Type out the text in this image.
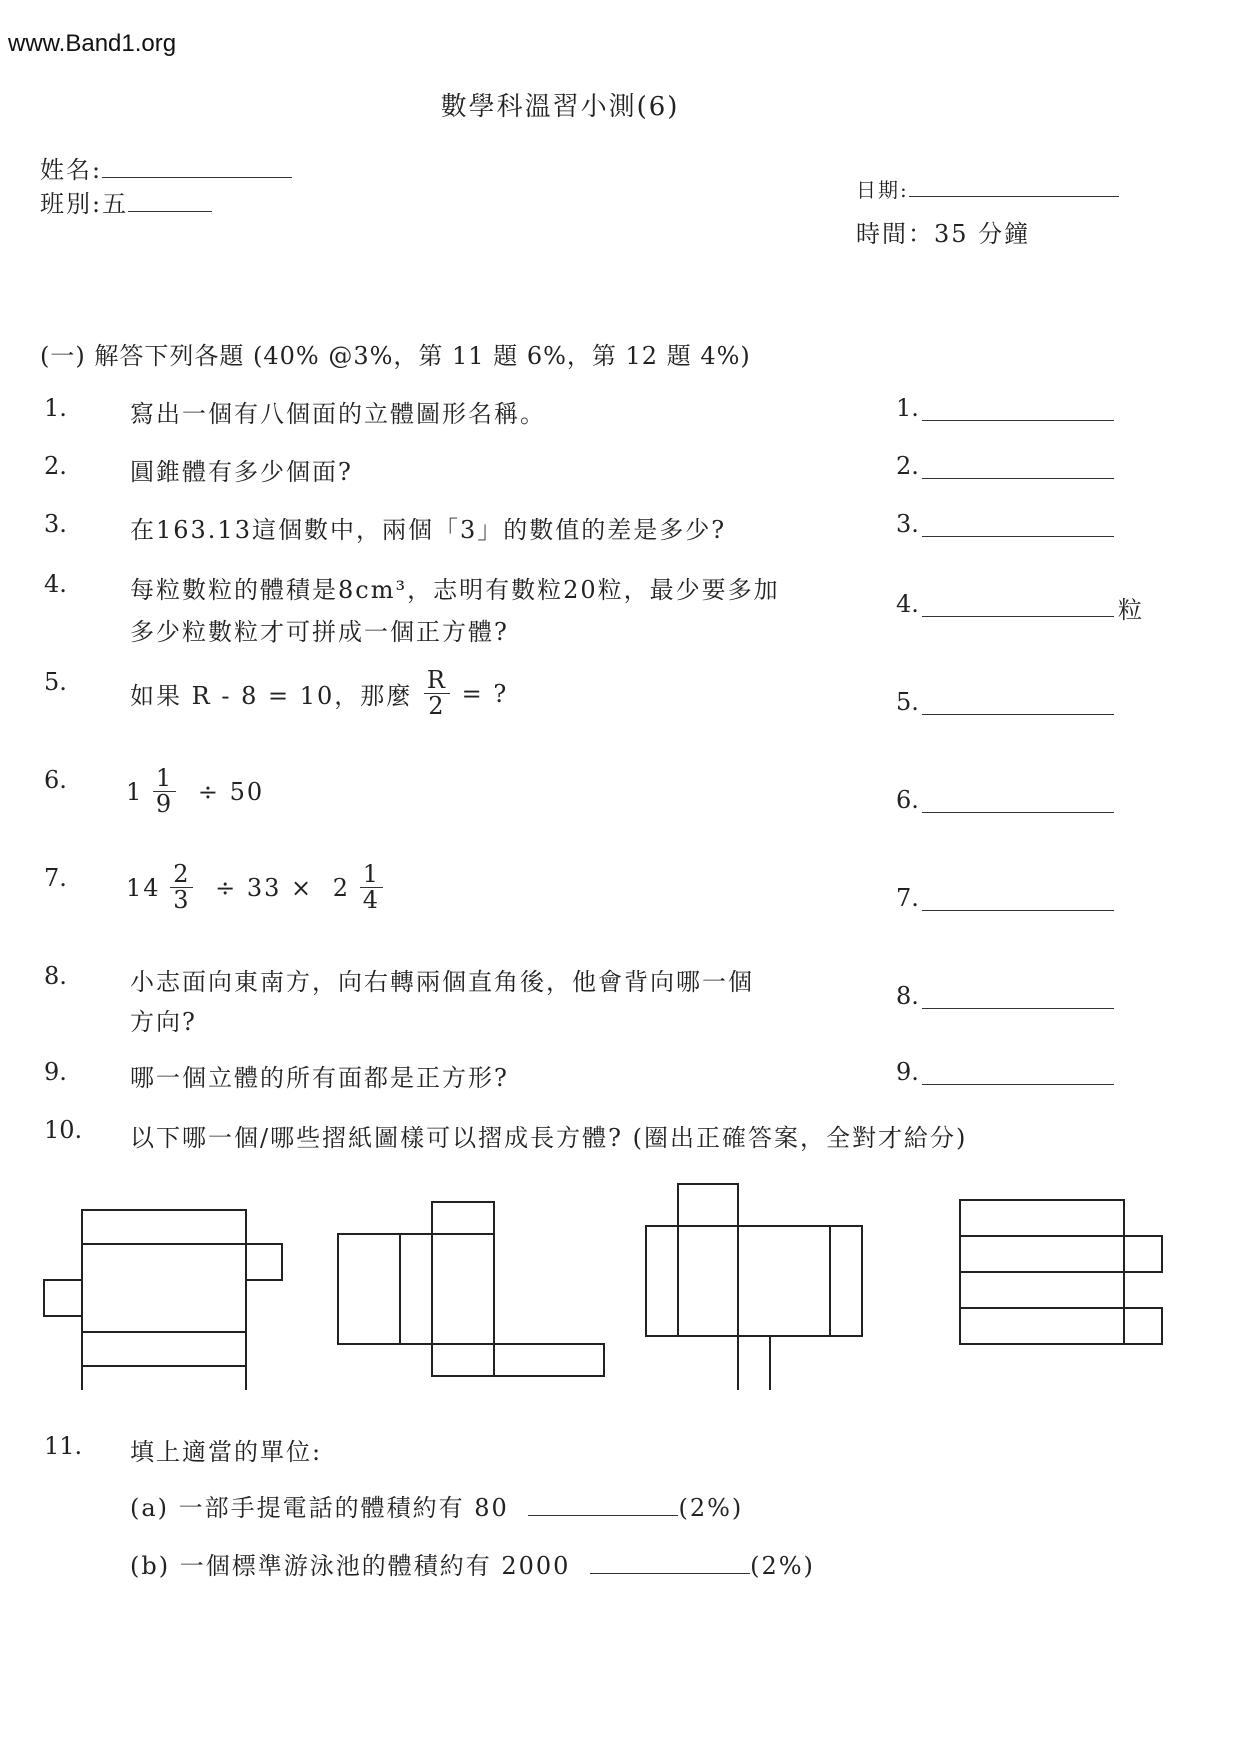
www.Band1.org
數學科溫習小測(6)
姓名:
班別:五	日期:
時間：35 分鐘
(一) 解答下列各題 (40% @3%，第 11 題 6%，第 12 題 4%)
1.	寫出一個有八個面的立體圖形名稱。	1.
2.	圓錐體有多少個面?	2.
3.	在163.13這個數中，兩個「3」的數值的差是多少?	3.
4.	每粒數粒的體積是8cm³，志明有數粒20粒，最少要多加
多少粒數粒才可拼成一個正方體?
4.	粒
5.
如果 R - 8 = 10，那麼 $\frac{R}{2}$ = ?	5.
6. $1 \frac{1}{9} \div 50$	6.
7. $14 \frac{2}{3} \div 33 \times 2 \frac{1}{4}$	7.
8.	小志面向東南方，向右轉兩個直角後，他會背向哪一個
方向?
8.
9.	哪一個立體的所有面都是正方形?	9.
10. 以下哪一個/哪些摺紙圖樣可以摺成長方體? (圈出正確答案，全對才給分)
11. 填上適當的單位:
(a) 一部手提電話的體積約有 80	(2%)
(b) 一個標準游泳池的體積約有 2000	(2%)
